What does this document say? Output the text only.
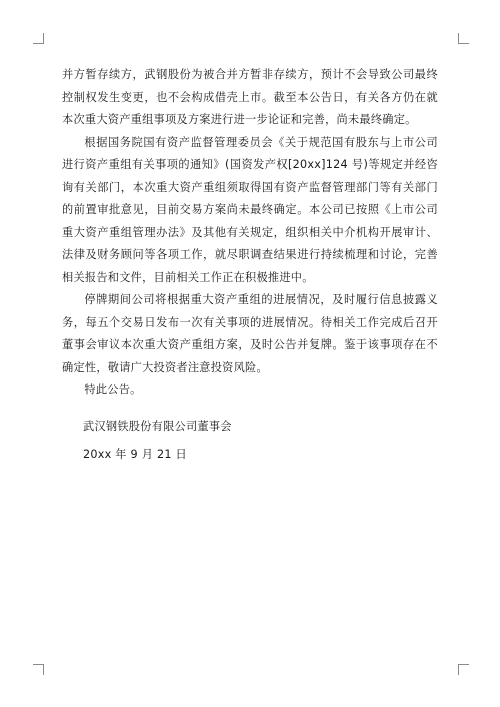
并方暂存续方，武钢股份为被合并方暂非存续方，预计不会导致公司最终控制权发生变更，也不会构成借壳上市。截至本公告日，有关各方仍在就本次重大资产重组事项及方案进行进一步论证和完善，尚未最终确定。

根据国务院国有资产监督管理委员会《关于规范国有股东与上市公司进行资产重组有关事项的通知》(国资发产权[20xx]124 号)等规定并经咨询有关部门，本次重大资产重组须取得国有资产监督管理部门等有关部门的前置审批意见，目前交易方案尚未最终确定。本公司已按照《上市公司重大资产重组管理办法》及其他有关规定，组织相关中介机构开展审计、法律及财务顾问等各项工作，就尽职调查结果进行持续梳理和讨论，完善相关报告和文件，目前相关工作正在积极推进中。

停牌期间公司将根据重大资产重组的进展情况，及时履行信息披露义务，每五个交易日发布一次有关事项的进展情况。待相关工作完成后召开董事会审议本次重大资产重组方案，及时公告并复牌。鉴于该事项存在不确定性，敬请广大投资者注意投资风险。

特此公告。

武汉钢铁股份有限公司董事会
20xx 年 9 月 21 日
